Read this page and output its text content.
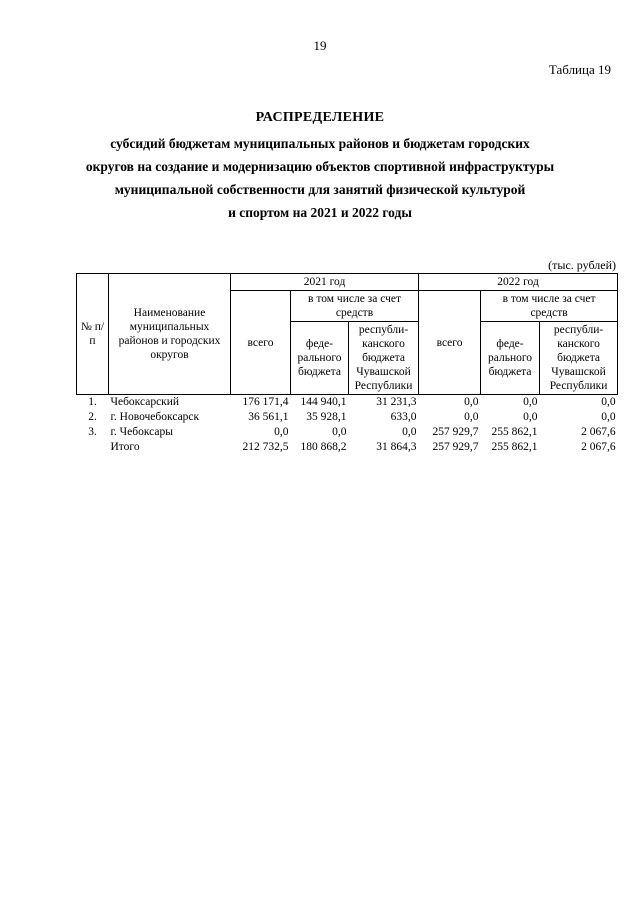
19
Таблица 19
РАСПРЕДЕЛЕНИЕ
субсидий бюджетам муниципальных районов и бюджетам городских
округов на создание и модернизацию объектов спортивной инфраструктуры
муниципальной собственности для занятий физической культурой
и спортом на 2021 и 2022 годы
(тыс. рублей)
№ п/п	Наименование муниципальных районов и городских округов	2021 год			2022 год		
		всего	в том числе за счет средств		всего	в том числе за счет средств	
			феде-рального бюджета	республи-канского бюджета Чувашской Республики		феде-рального бюджета	республи-канского бюджета Чувашской Республики
1.	Чебоксарский	176 171,4	144 940,1	31 231,3	0,0	0,0	0,0
2.	г. Новочебоксарск	36 561,1	35 928,1	633,0	0,0	0,0	0,0
3.	г. Чебоксары	0,0	0,0	0,0	257 929,7	255 862,1	2 067,6
	Итого	212 732,5	180 868,2	31 864,3	257 929,7	255 862,1	2 067,6
